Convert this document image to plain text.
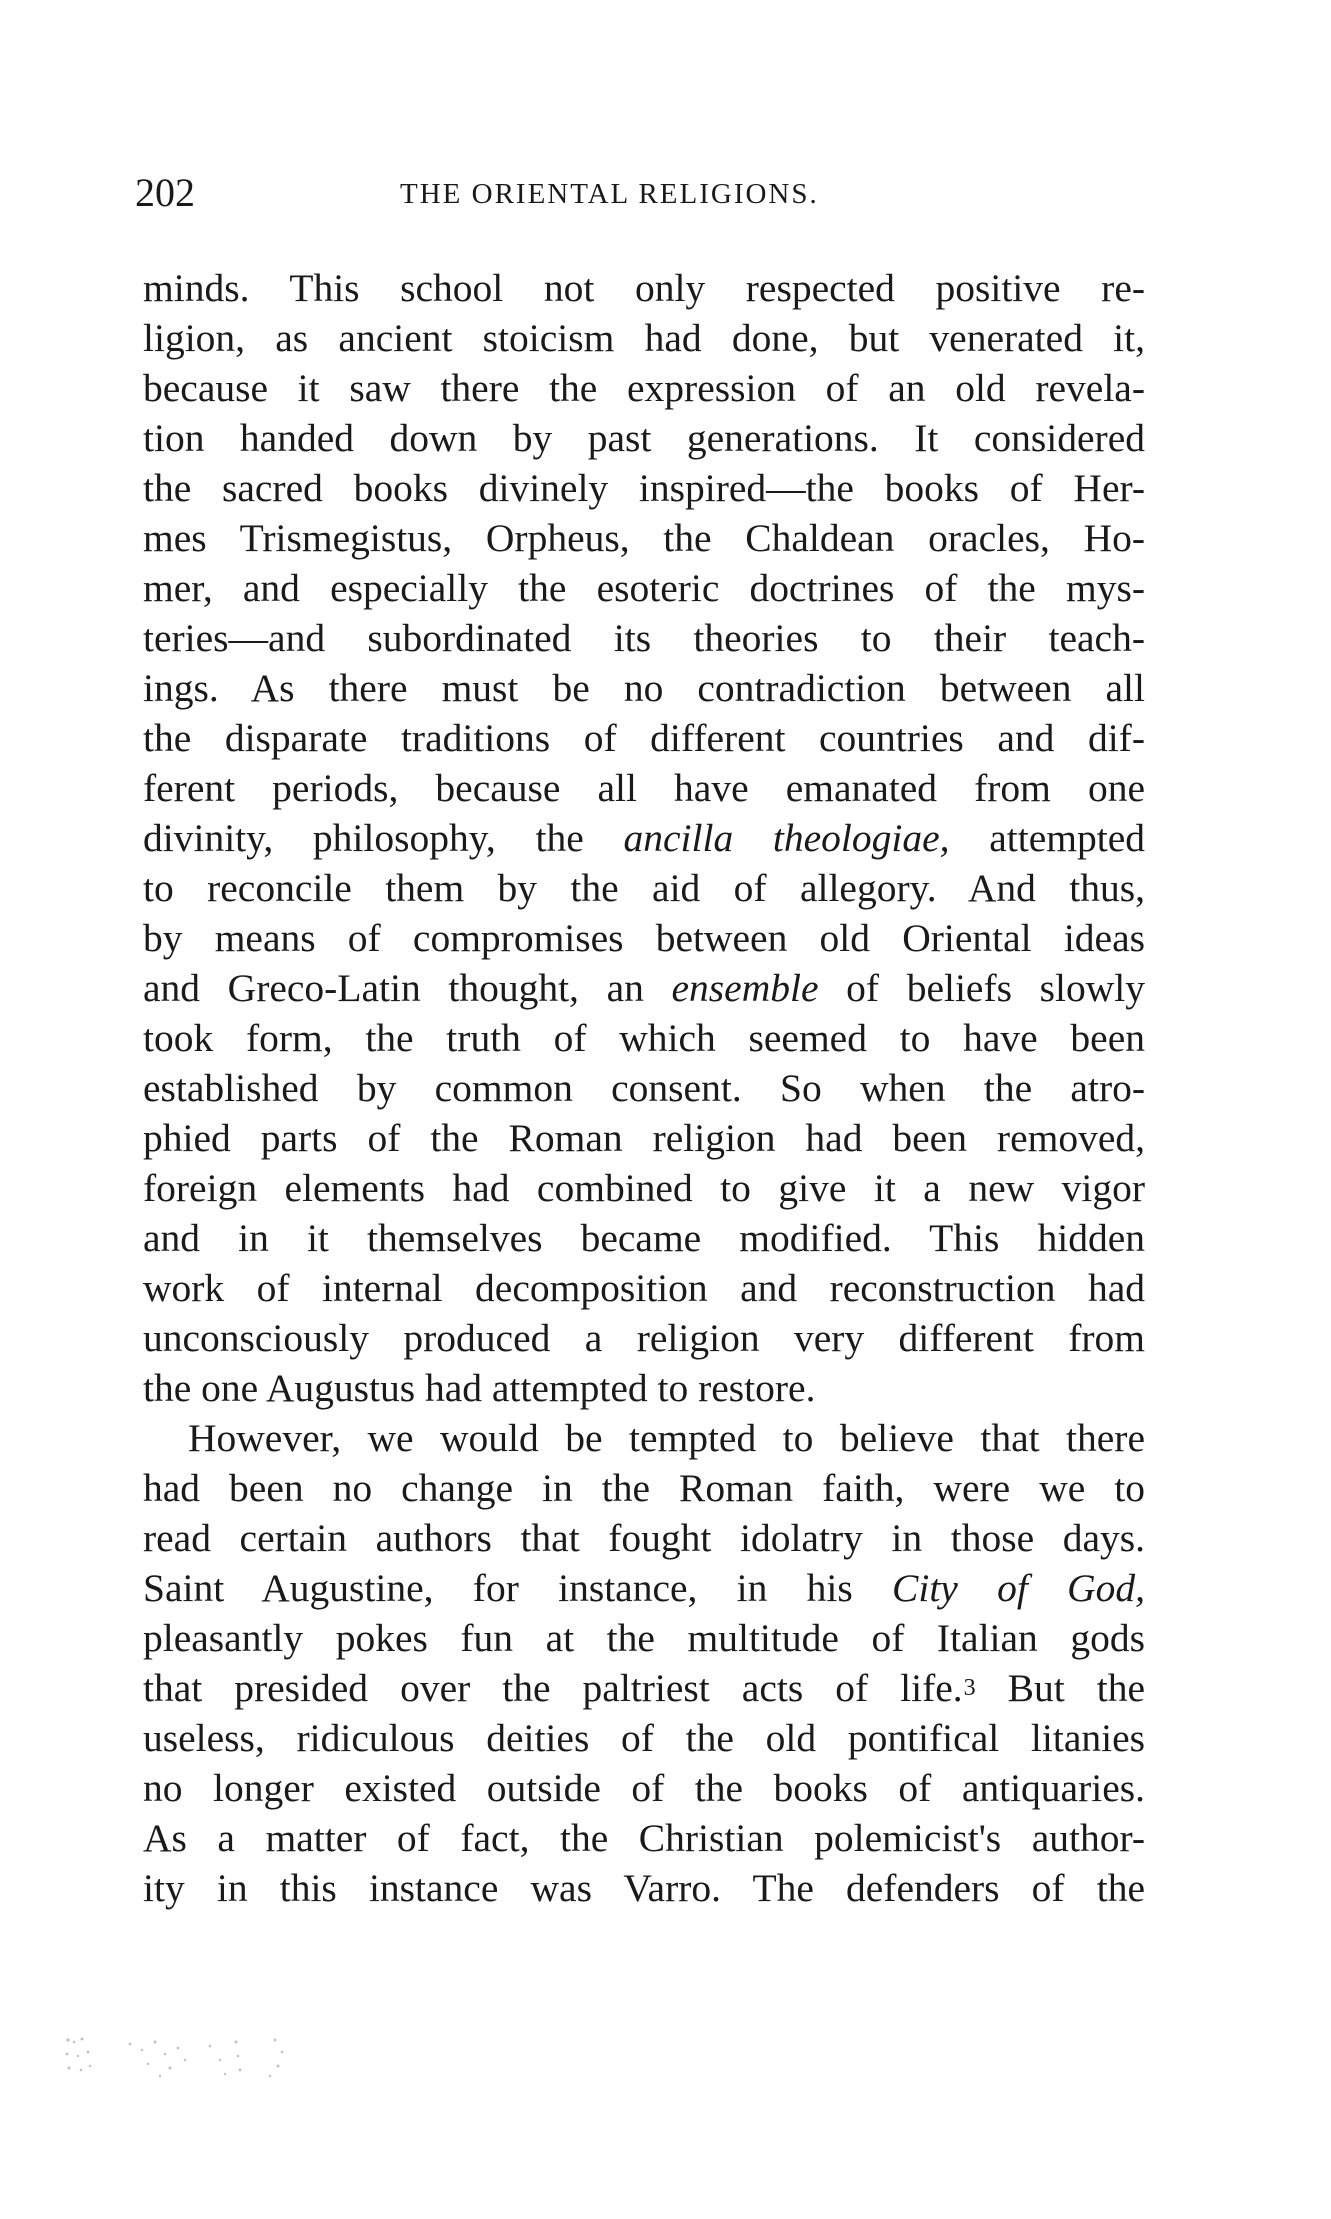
202	THE ORIENTAL RELIGIONS.
minds. This school not only respected positive re-
ligion, as ancient stoicism had done, but venerated it,
because it saw there the expression of an old revela-
tion handed down by past generations. It considered
the sacred books divinely inspired—the books of Her-
mes Trismegistus, Orpheus, the Chaldean oracles, Ho-
mer, and especially the esoteric doctrines of the mys-
teries—and subordinated its theories to their teach-
ings. As there must be no contradiction between all
the disparate traditions of different countries and dif-
ferent periods, because all have emanated from one
divinity, philosophy, the ancilla theologiae, attempted
to reconcile them by the aid of allegory. And thus,
by means of compromises between old Oriental ideas
and Greco-Latin thought, an ensemble of beliefs slowly
took form, the truth of which seemed to have been
established by common consent. So when the atro-
phied parts of the Roman religion had been removed,
foreign elements had combined to give it a new vigor
and in it themselves became modified. This hidden
work of internal decomposition and reconstruction had
unconsciously produced a religion very different from
the one Augustus had attempted to restore.
However, we would be tempted to believe that there
had been no change in the Roman faith, were we to
read certain authors that fought idolatry in those days.
Saint Augustine, for instance, in his City of God,
pleasantly pokes fun at the multitude of Italian gods
that presided over the paltriest acts of life.3 But the
useless, ridiculous deities of the old pontifical litanies
no longer existed outside of the books of antiquaries.
As a matter of fact, the Christian polemicist's author-
ity in this instance was Varro. The defenders of the
